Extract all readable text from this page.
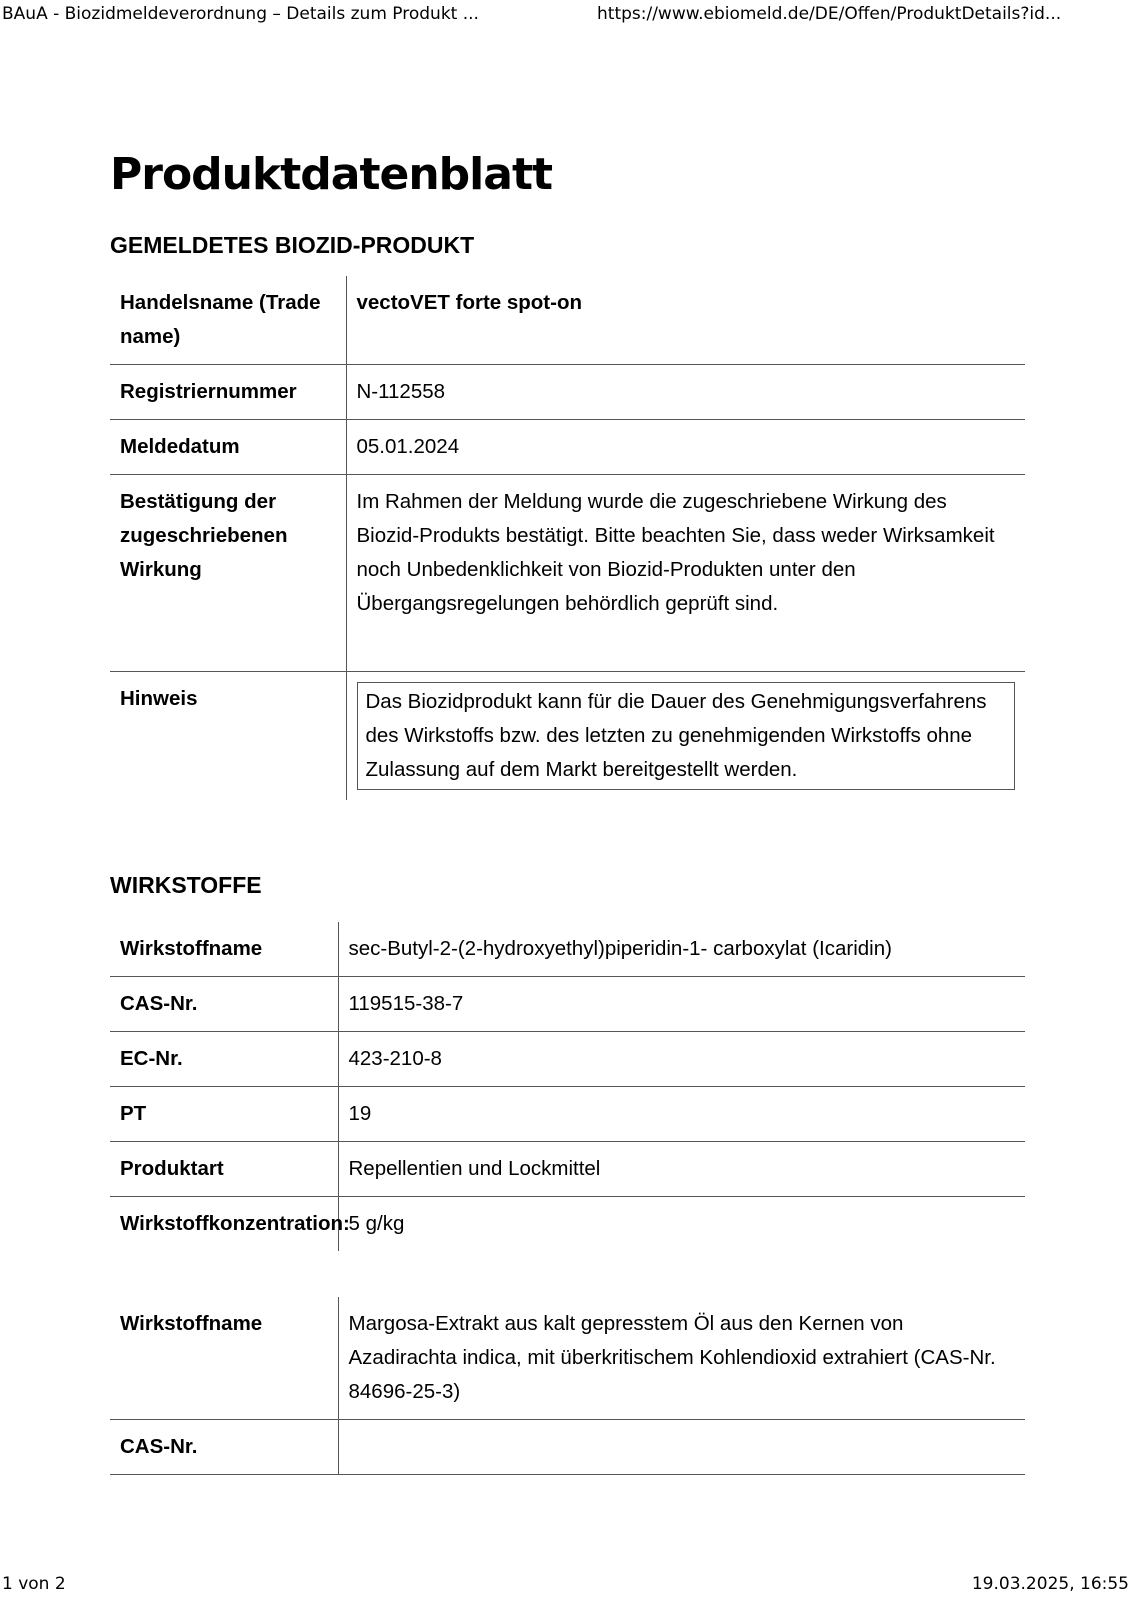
BAuA - Biozidmeldeverordnung – Details zum Produkt ...	https://www.ebiomeld.de/DE/Offen/ProduktDetails?id...
Produktdatenblatt
GEMELDETES BIOZID-PRODUKT
Handelsname (Trade name)	vectoVET forte spot-on
Registriernummer	N-112558
Meldedatum	05.01.2024
Bestätigung der zugeschriebenen Wirkung	Im Rahmen der Meldung wurde die zugeschriebene Wirkung des Biozid-Produkts bestätigt. Bitte beachten Sie, dass weder Wirksamkeit noch Unbedenklichkeit von Biozid-Produkten unter den Übergangsregelungen behördlich geprüft sind.
Hinweis	Das Biozidprodukt kann für die Dauer des Genehmigungsverfahrens des Wirkstoffs bzw. des letzten zu genehmigenden Wirkstoffs ohne Zulassung auf dem Markt bereitgestellt werden.
WIRKSTOFFE
Wirkstoffname	sec-Butyl-2-(2-hydroxyethyl)piperidin-1- carboxylat (Icaridin)
CAS-Nr.	119515-38-7
EC-Nr.	423-210-8
PT	19
Produktart	Repellentien und Lockmittel
Wirkstoffkonzentration:	5 g/kg
Wirkstoffname	Margosa-Extrakt aus kalt gepresstem Öl aus den Kernen von Azadirachta indica, mit überkritischem Kohlendioxid extrahiert (CAS-Nr. 84696-25-3)
CAS-Nr.	
1 von 2	19.03.2025, 16:55
